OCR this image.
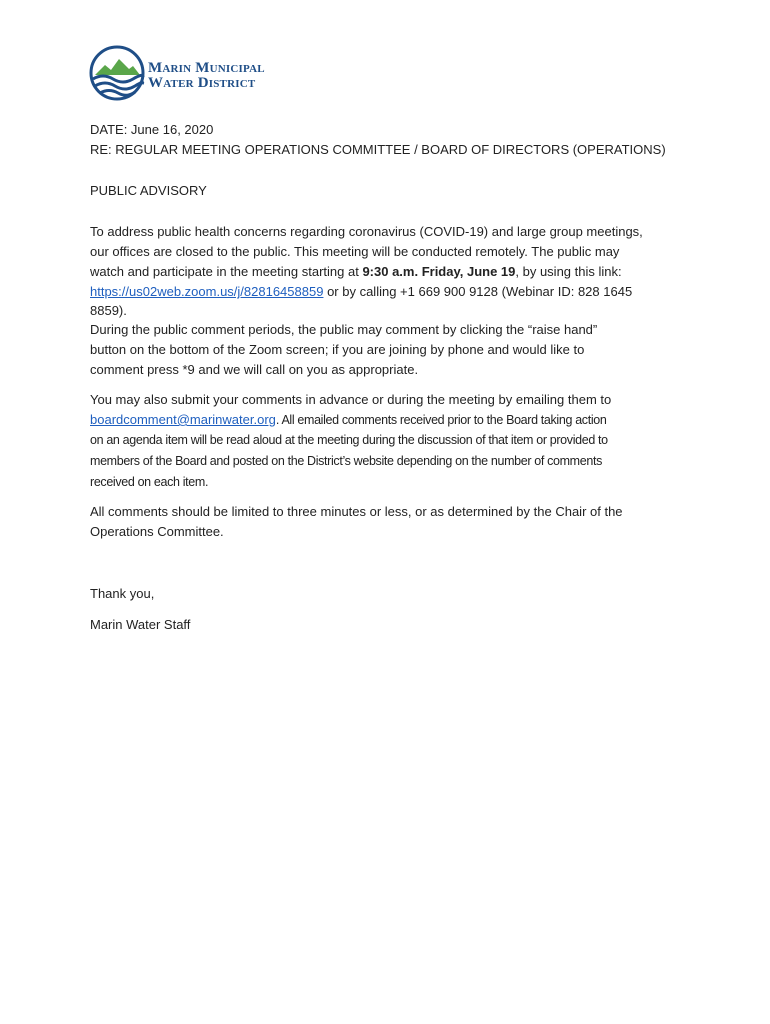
Marin Municipal
Water District
DATE: June 16, 2020
RE: REGULAR MEETING OPERATIONS COMMITTEE / BOARD OF DIRECTORS (OPERATIONS)
PUBLIC ADVISORY
To address public health concerns regarding coronavirus (COVID-19) and large group meetings,
our offices are closed to the public. This meeting will be conducted remotely. The public may
watch and participate in the meeting starting at 9:30 a.m. Friday, June 19, by using this link:
https://us02web.zoom.us/j/82816458859 or by calling +1 669 900 9128 (Webinar ID: 828 1645
8859).
During the public comment periods, the public may comment by clicking the “raise hand”
button on the bottom of the Zoom screen; if you are joining by phone and would like to
comment press *9 and we will call on you as appropriate.
You may also submit your comments in advance or during the meeting by emailing them to
boardcomment@marinwater.org. All emailed comments received prior to the Board taking action
on an agenda item will be read aloud at the meeting during the discussion of that item or provided to
members of the Board and posted on the District’s website depending on the number of comments
received on each item.
All comments should be limited to three minutes or less, or as determined by the Chair of the
Operations Committee.
Thank you,
Marin Water Staff
